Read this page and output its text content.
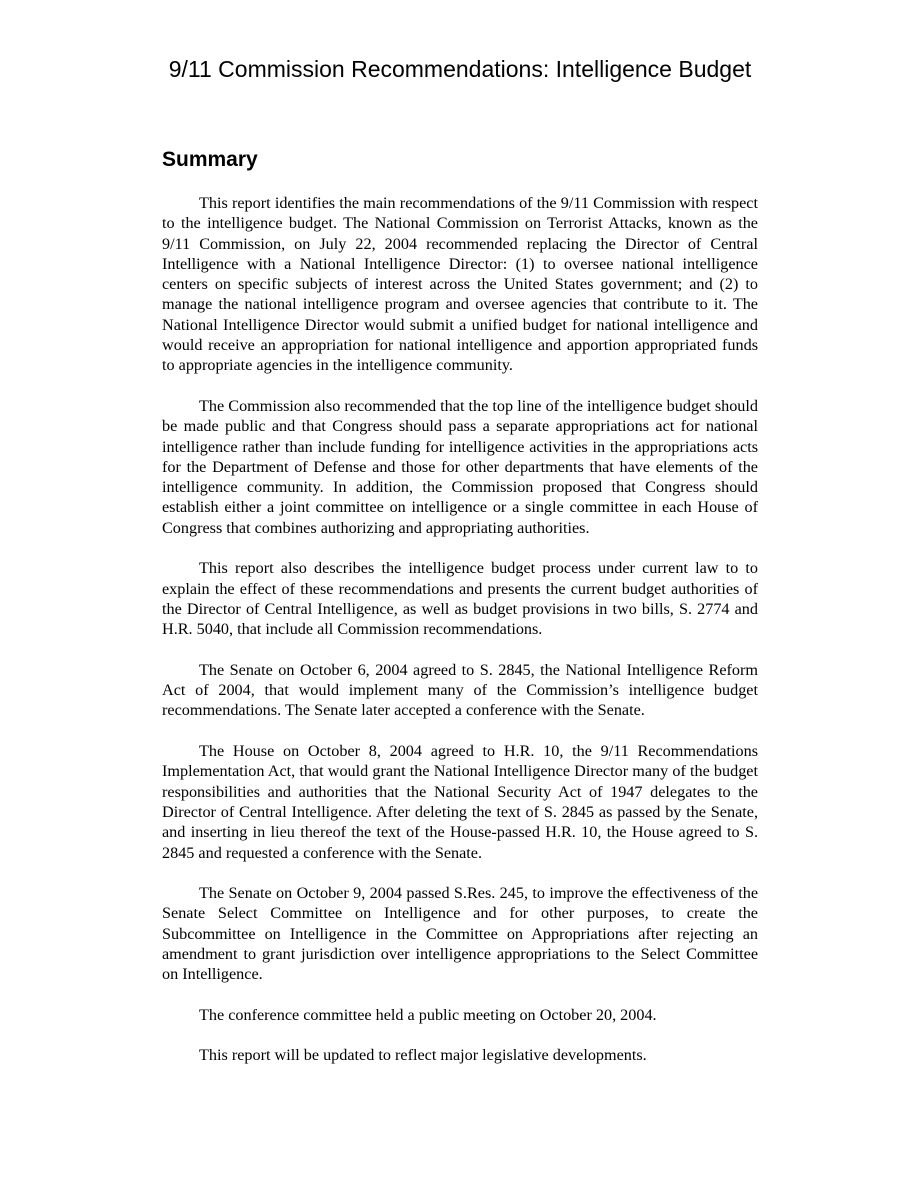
9/11 Commission Recommendations: Intelligence Budget
Summary

This report identifies the main recommendations of the 9/11 Commission with respect to the intelligence budget. The National Commission on Terrorist Attacks, known as the 9/11 Commission, on July 22, 2004 recommended replacing the Director of Central Intelligence with a National Intelligence Director: (1) to oversee national intelligence centers on specific subjects of interest across the United States government; and (2) to manage the national intelligence program and oversee agencies that contribute to it. The National Intelligence Director would submit a unified budget for national intelligence and would receive an appropriation for national intelligence and apportion appropriated funds to appropriate agencies in the intelligence community.

The Commission also recommended that the top line of the intelligence budget should be made public and that Congress should pass a separate appropriations act for national intelligence rather than include funding for intelligence activities in the appropriations acts for the Department of Defense and those for other departments that have elements of the intelligence community. In addition, the Commission proposed that Congress should establish either a joint committee on intelligence or a single committee in each House of Congress that combines authorizing and appropriating authorities.

This report also describes the intelligence budget process under current law to to explain the effect of these recommendations and presents the current budget authorities of the Director of Central Intelligence, as well as budget provisions in two bills, S. 2774 and H.R. 5040, that include all Commission recommendations.

The Senate on October 6, 2004 agreed to S. 2845, the National Intelligence Reform Act of 2004, that would implement many of the Commission’s intelligence budget recommendations. The Senate later accepted a conference with the Senate.

The House on October 8, 2004 agreed to H.R. 10, the 9/11 Recommendations Implementation Act, that would grant the National Intelligence Director many of the budget responsibilities and authorities that the National Security Act of 1947 delegates to the Director of Central Intelligence. After deleting the text of S. 2845 as passed by the Senate, and inserting in lieu thereof the text of the House-passed H.R. 10, the House agreed to S. 2845 and requested a conference with the Senate.

The Senate on October 9, 2004 passed S.Res. 245, to improve the effectiveness of the Senate Select Committee on Intelligence and for other purposes, to create the Subcommittee on Intelligence in the Committee on Appropriations after rejecting an amendment to grant jurisdiction over intelligence appropriations to the Select Committee on Intelligence.

The conference committee held a public meeting on October 20, 2004.

This report will be updated to reflect major legislative developments.
